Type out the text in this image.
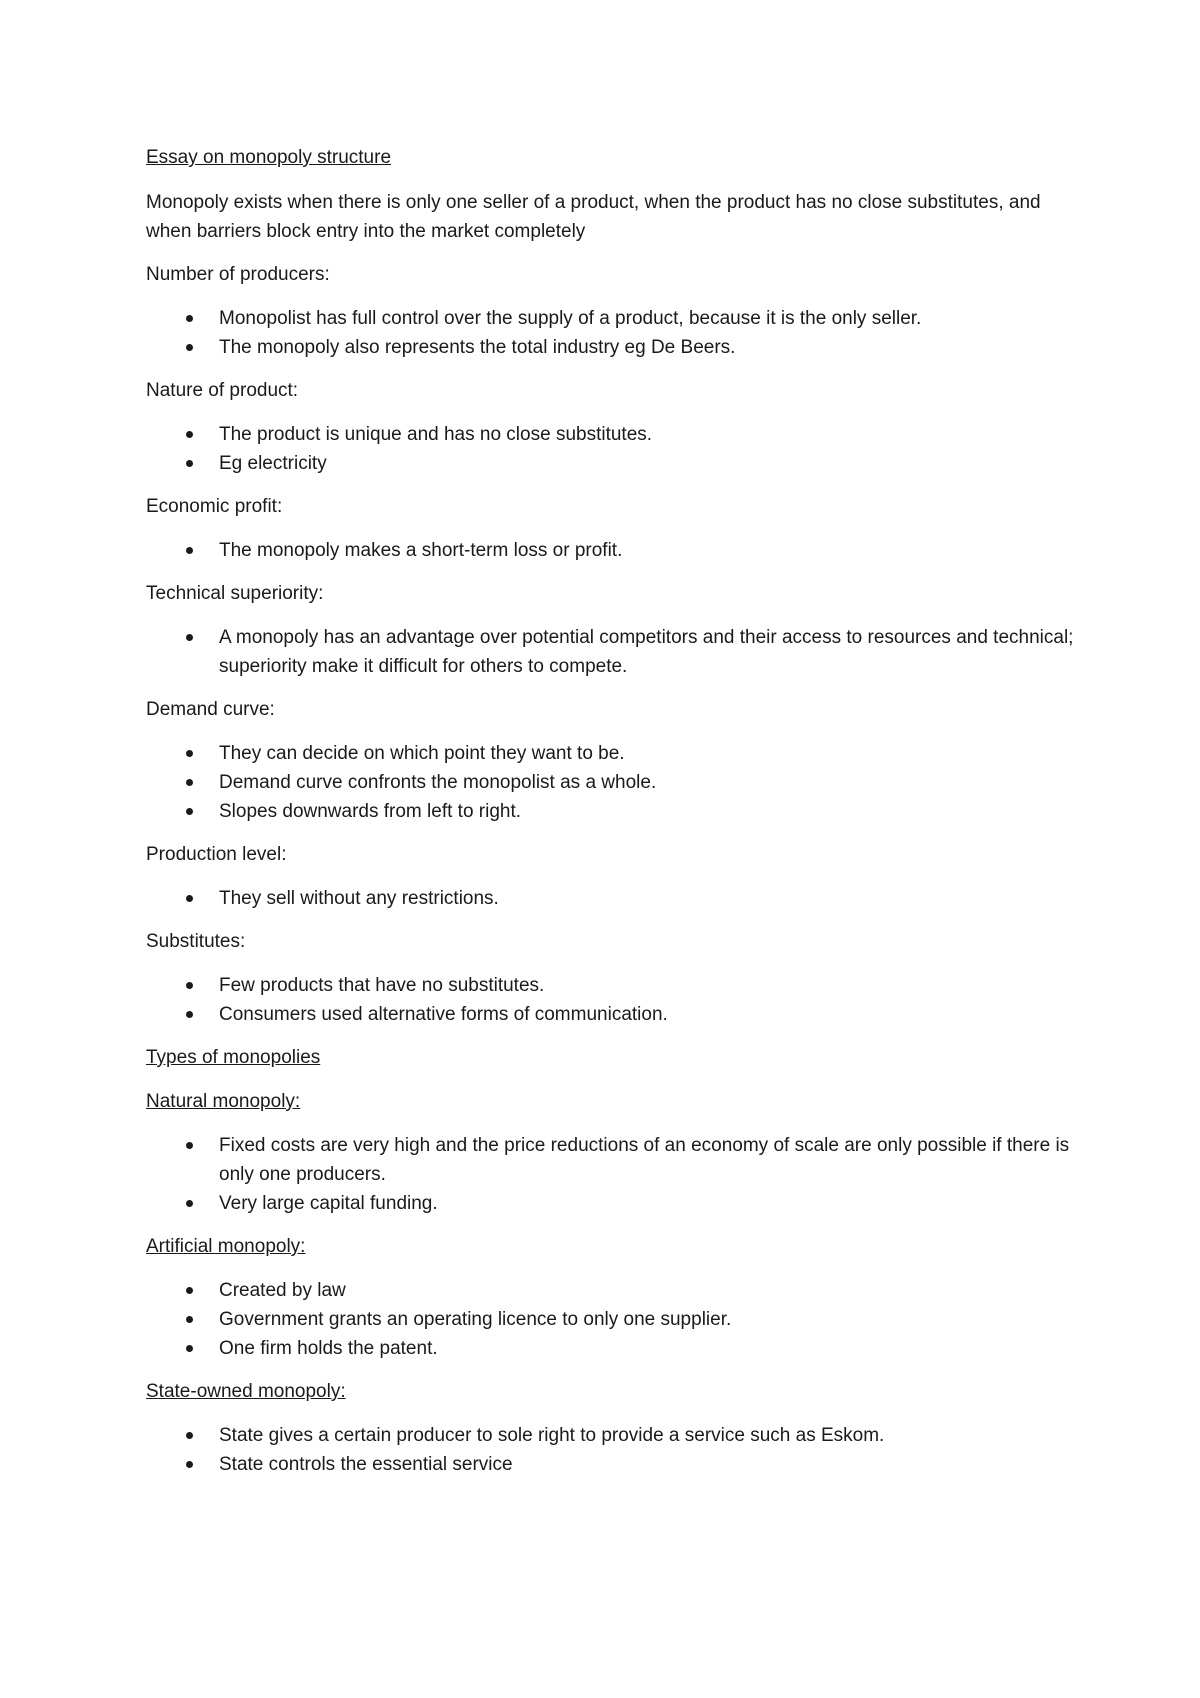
Essay on monopoly structure

Monopoly exists when there is only one seller of a product, when the product has no close substitutes, and when barriers block entry into the market completely

Number of producers:

Monopolist has full control over the supply of a product, because it is the only seller.
The monopoly also represents the total industry eg De Beers.

Nature of product:

The product is unique and has no close substitutes.
Eg electricity

Economic profit:

The monopoly makes a short-term loss or profit.

Technical superiority:

A monopoly has an advantage over potential competitors and their access to resources and technical; superiority make it difficult for others to compete.

Demand curve:

They can decide on which point they want to be.
Demand curve confronts the monopolist as a whole.
Slopes downwards from left to right.

Production level:

They sell without any restrictions.

Substitutes:

Few products that have no substitutes.
Consumers used alternative forms of communication.

Types of monopolies

Natural monopoly:

Fixed costs are very high and the price reductions of an economy of scale are only possible if there is only one producers.
Very large capital funding.

Artificial monopoly:

Created by law
Government grants an operating licence to only one supplier.
One firm holds the patent.

State-owned monopoly:

State gives a certain producer to sole right to provide a service such as Eskom.
State controls the essential service
